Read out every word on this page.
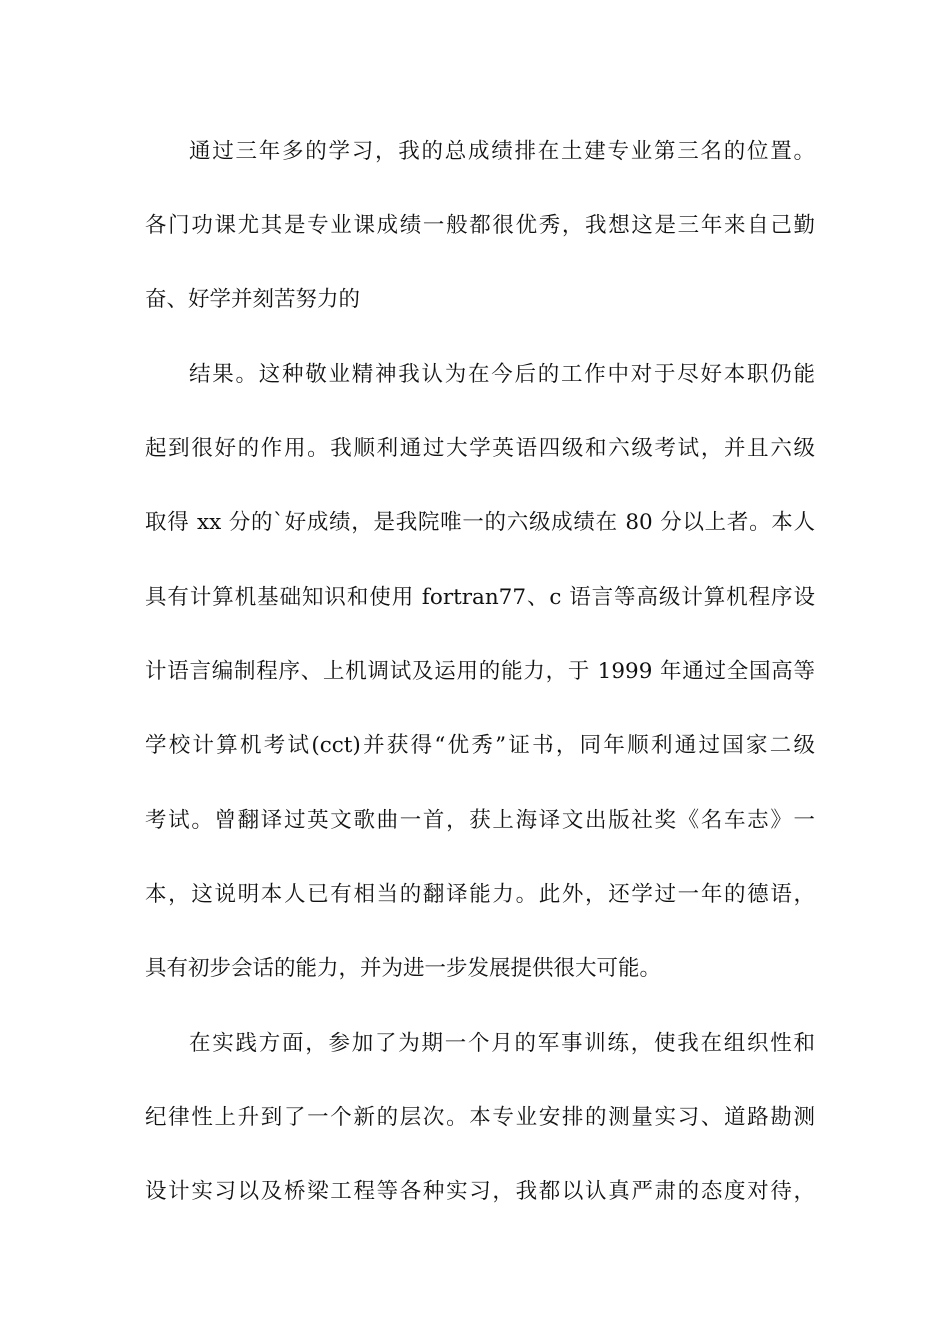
通过三年多的学习，我的总成绩排在土建专业第三名的位置。
各门功课尤其是专业课成绩一般都很优秀，我想这是三年来自己勤
奋、好学并刻苦努力的
结果。这种敬业精神我认为在今后的工作中对于尽好本职仍能
起到很好的作用。我顺利通过大学英语四级和六级考试，并且六级
取得 xx 分的`好成绩，是我院唯一的六级成绩在 80 分以上者。本人
具有计算机基础知识和使用 fortran77、c 语言等高级计算机程序设
计语言编制程序、上机调试及运用的能力，于 1999 年通过全国高等
学校计算机考试(cct)并获得“优秀”证书，同年顺利通过国家二级
考试。曾翻译过英文歌曲一首，获上海译文出版社奖《名车志》一
本，这说明本人已有相当的翻译能力。此外，还学过一年的德语，
具有初步会话的能力，并为进一步发展提供很大可能。
在实践方面，参加了为期一个月的军事训练，使我在组织性和
纪律性上升到了一个新的层次。本专业安排的测量实习、道路勘测
设计实习以及桥梁工程等各种实习，我都以认真严肃的态度对待，
